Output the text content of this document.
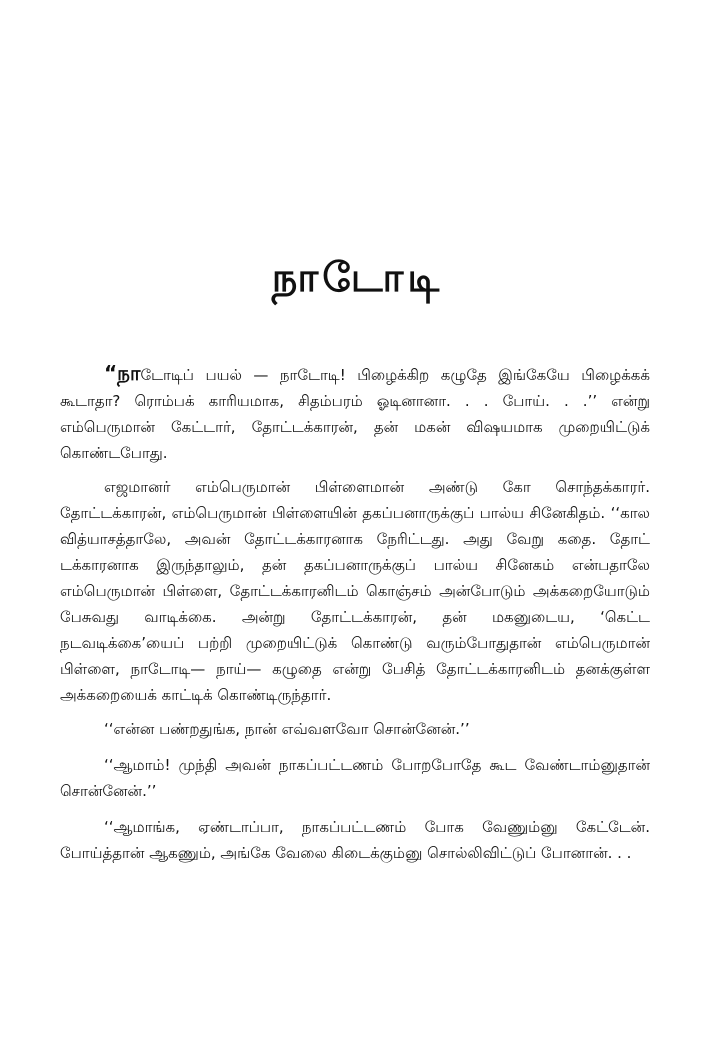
நாடோடி

“நாடோடிப் பயல் — நாடோடி! பிழைக்கிற கழுதே இங்கேயே பிழைக்கக் கூடாதா? ரொம்பக் காரியமாக, சிதம்பரம் ஓடினானா. . . போய். . .’’ என்று எம்பெருமான் கேட்டார், தோட்டக்காரன், தன் மகன் விஷயமாக முறையிட்டுக் கொண்டபோது.

எஜமானர் எம்பெருமான் பிள்ளைமான் அண்டு கோ சொந்தக்காரர். தோட்டக்காரன், எம்பெருமான் பிள்ளையின் தகப்பனாருக்குப் பால்ய சினேகிதம். ‘‘கால வித்யாசத்தாலே, அவன் தோட்டக்காரனாக நேரிட்டது. அது வேறு கதை. தோட் டக்காரனாக இருந்தாலும், தன் தகப்பனாருக்குப் பால்ய சினேகம் என்பதாலே எம்பெருமான் பிள்ளை, தோட்டக்காரனிடம் கொஞ்சம் அன்போடும் அக்கறையோடும் பேசுவது வாடிக்கை. அன்று தோட்டக்காரன், தன் மகனுடைய, ‘கெட்ட நடவடிக்கை’யைப் பற்றி முறையிட்டுக் கொண்டு வரும்போதுதான் எம்பெருமான் பிள்ளை, நாடோடி— நாய்— கழுதை என்று பேசித் தோட்டக்காரனிடம் தனக்குள்ள அக்கறையைக் காட்டிக் கொண்டிருந்தார்.

‘‘என்ன பண்றதுங்க, நான் எவ்வளவோ சொன்னேன்.’’

‘‘ஆமாம்! முந்தி அவன் நாகப்பட்டணம் போறபோதே கூட வேண்டாம்னுதான் சொன்னேன்.’’

‘‘ஆமாங்க, ஏண்டாப்பா, நாகப்பட்டணம் போக வேணும்னு கேட்டேன். போய்த்தான் ஆகணும், அங்கே வேலை கிடைக்கும்னு சொல்லிவிட்டுப் போனான். . .
